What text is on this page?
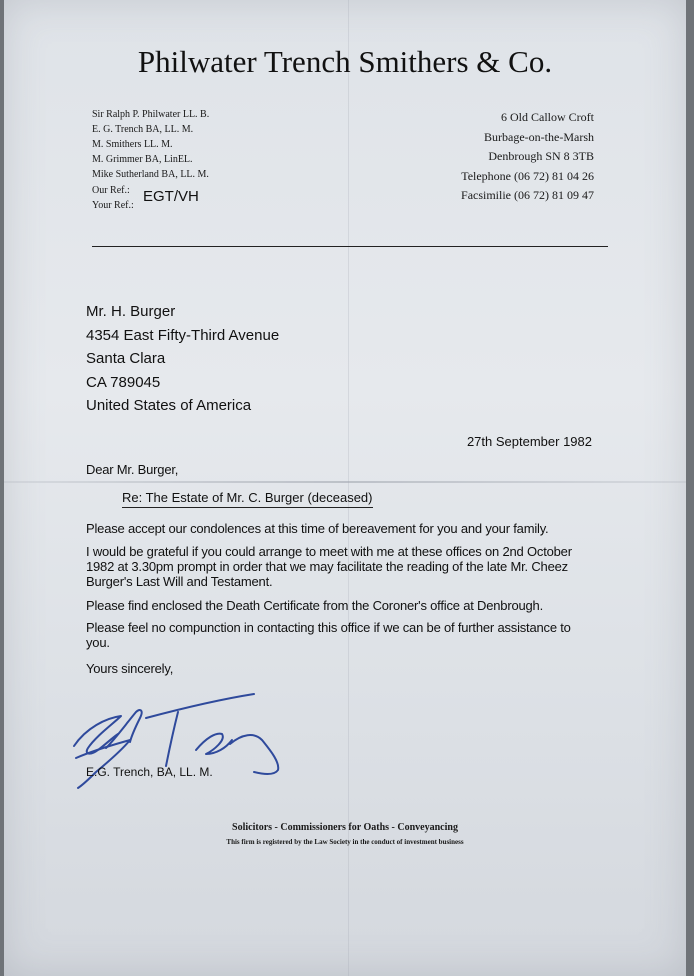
Philwater Trench Smithers & Co.
Sir Ralph P. Philwater LL. B.
E. G. Trench BA, LL. M.
M. Smithers LL. M.
M. Grimmer BA, LinEL.
Mike Sutherland BA, LL. M.
Our Ref.:
Your Ref.:
EGT/VH
6 Old Callow Croft
Burbage-on-the-Marsh
Denbrough SN 8 3TB
Telephone (06 72) 81 04 26
Facsimilie (06 72) 81 09 47
Mr. H. Burger
4354 East Fifty-Third Avenue
Santa Clara
CA 789045
United States of America
27th September 1982
Dear Mr. Burger,
Re: The Estate of Mr. C. Burger (deceased)
Please accept our condolences at this time of bereavement for you and your family.
I would be grateful if you could arrange to meet with me at these offices on 2nd October
1982 at 3.30pm prompt in order that we may facilitate the reading of the late Mr. Cheez
Burger's Last Will and Testament.
Please find enclosed the Death Certificate from the Coroner's office at Denbrough.
Please feel no compunction in contacting this office if we can be of further assistance to
you.
Yours sincerely,
E.G. Trench, BA, LL. M.
Solicitors - Commissioners for Oaths - Conveyancing
This firm is registered by the Law Society in the conduct of investment business
